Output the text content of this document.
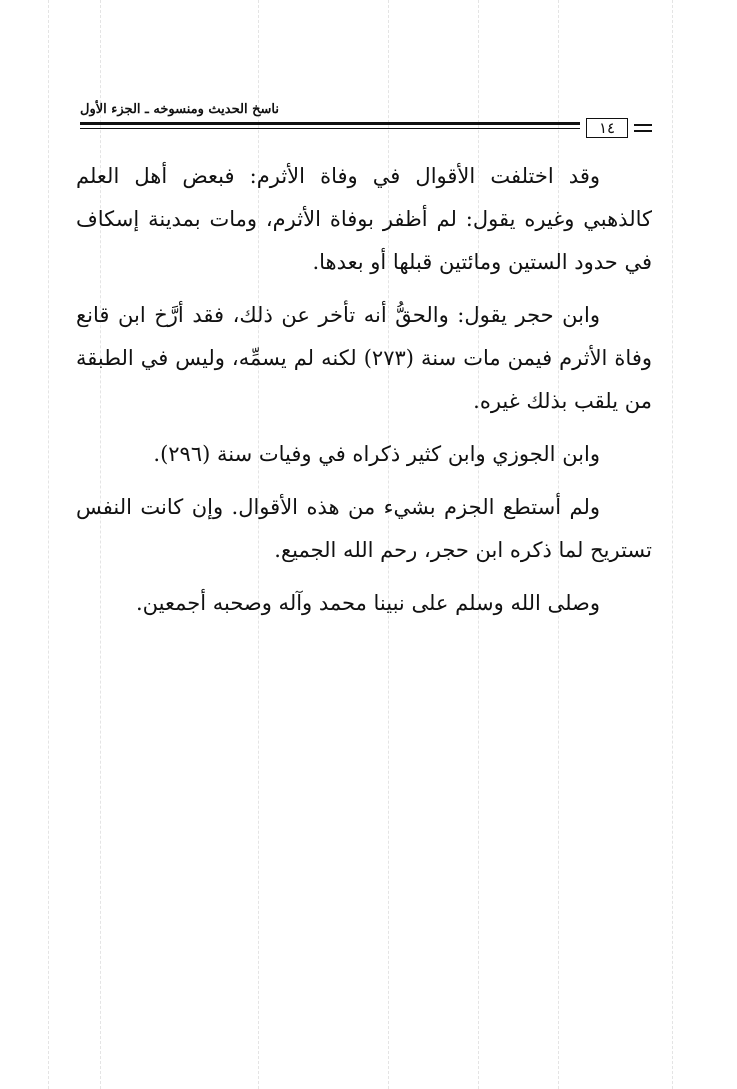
ناسخ الحديث ومنسوخه ـ الجزء الأول
١٤

وقد اختلفت الأقوال في وفاة الأثرم: فبعض أهل العلم كالذهبي وغيره يقول: لم أظفر بوفاة الأثرم، ومات بمدينة إسكاف في حدود الستين ومائتين قبلها أو بعدها.

وابن حجر يقول: والحقُّ أنه تأخر عن ذلك، فقد أرَّخ ابن قانع وفاة الأثرم فيمن مات سنة (٢٧٣) لكنه لم يسمِّه، وليس في الطبقة من يلقب بذلك غيره.

وابن الجوزي وابن كثير ذكراه في وفيات سنة (٢٩٦).

ولم أستطع الجزم بشيء من هذه الأقوال. وإن كانت النفس تستريح لما ذكره ابن حجر، رحم الله الجميع.

وصلى الله وسلم على نبينا محمد وآله وصحبه أجمعين.
